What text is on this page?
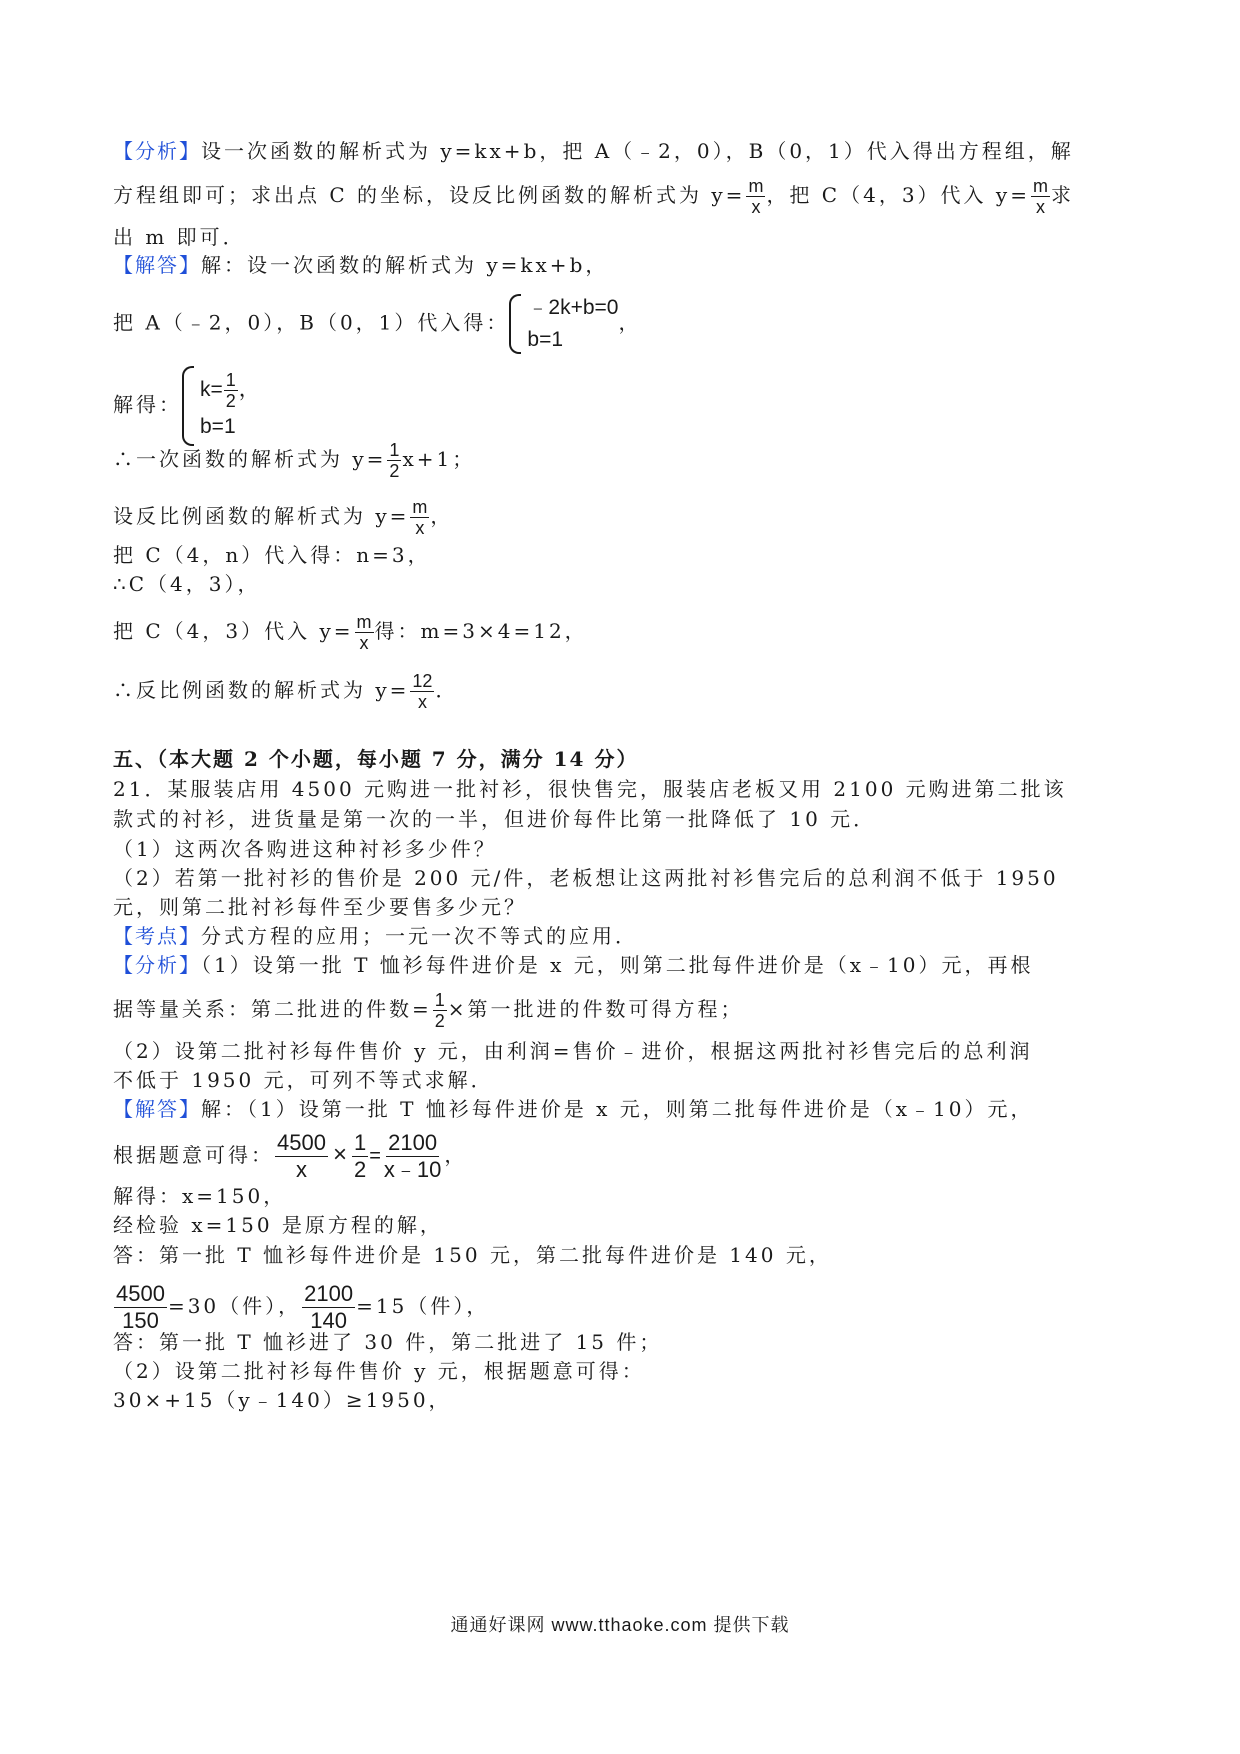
【分析】设一次函数的解析式为 y=kx+b，把 A（﹣2，0），B（0，1）代入得出方程组，解
方程组即可；求出点 C 的坐标，设反比例函数的解析式为 $y= \frac{m}{x}$ ，把 C（4，3）代入 $y= \frac{m}{x}$ 求
出 m 即可．
【解答】解：设一次函数的解析式为 y=kx+b，
把 A（﹣2，0），B（0，1）代入得：
﹣2k+b=0
b=1
，
解得：
$k= \frac{1}{2}$ ，
b=1
∴一次函数的解析式为 $y= \frac{1}{2} x+1$；
设反比例函数的解析式为 $y= \frac{m}{x}$ ，
把 C（4，n）代入得：n=3，
∴C（4，3），
把 C（4，3）代入 $y= \frac{m}{x}$ 得：m=3×4=12，
∴反比例函数的解析式为 $y= \frac{12}{x}$ ．
五、（本大题 2 个小题，每小题 7 分，满分 14 分）
21．某服装店用 4500 元购进一批衬衫，很快售完，服装店老板又用 2100 元购进第二批该
款式的衬衫，进货量是第一次的一半，但进价每件比第一批降低了 10 元．
（1）这两次各购进这种衬衫多少件？
（2）若第一批衬衫的售价是 200 元/件，老板想让这两批衬衫售完后的总利润不低于 1950
元，则第二批衬衫每件至少要售多少元？
【考点】分式方程的应用；一元一次不等式的应用．
【分析】（1）设第一批 T 恤衫每件进价是 x 元，则第二批每件进价是（x﹣10）元，再根
据等量关系：第二批进的件数= $\frac{1}{2}$ ×第一批进的件数可得方程；
（2）设第二批衬衫每件售价 y 元，由利润=售价﹣进价，根据这两批衬衫售完后的总利润
不低于 1950 元，可列不等式求解．
【解答】解：（1）设第一批 T 恤衫每件进价是 x 元，则第二批每件进价是（x﹣10）元，
根据题意可得： $\frac{4500}{x} \times \frac{1}{2} = \frac{2100}{x﹣10}$ ，
解得：x=150，
经检验 x=150 是原方程的解，
答：第一批 T 恤衫每件进价是 150 元，第二批每件进价是 140 元，
$\frac{4500}{150} =30$（件）， $\frac{2100}{140} =15$（件），
答：第一批 T 恤衫进了 30 件，第二批进了 15 件；
（2）设第二批衬衫每件售价 y 元，根据题意可得：
30×+15（y﹣140）≥1950，
通通好课网 www.tthaoke.com 提供下载
